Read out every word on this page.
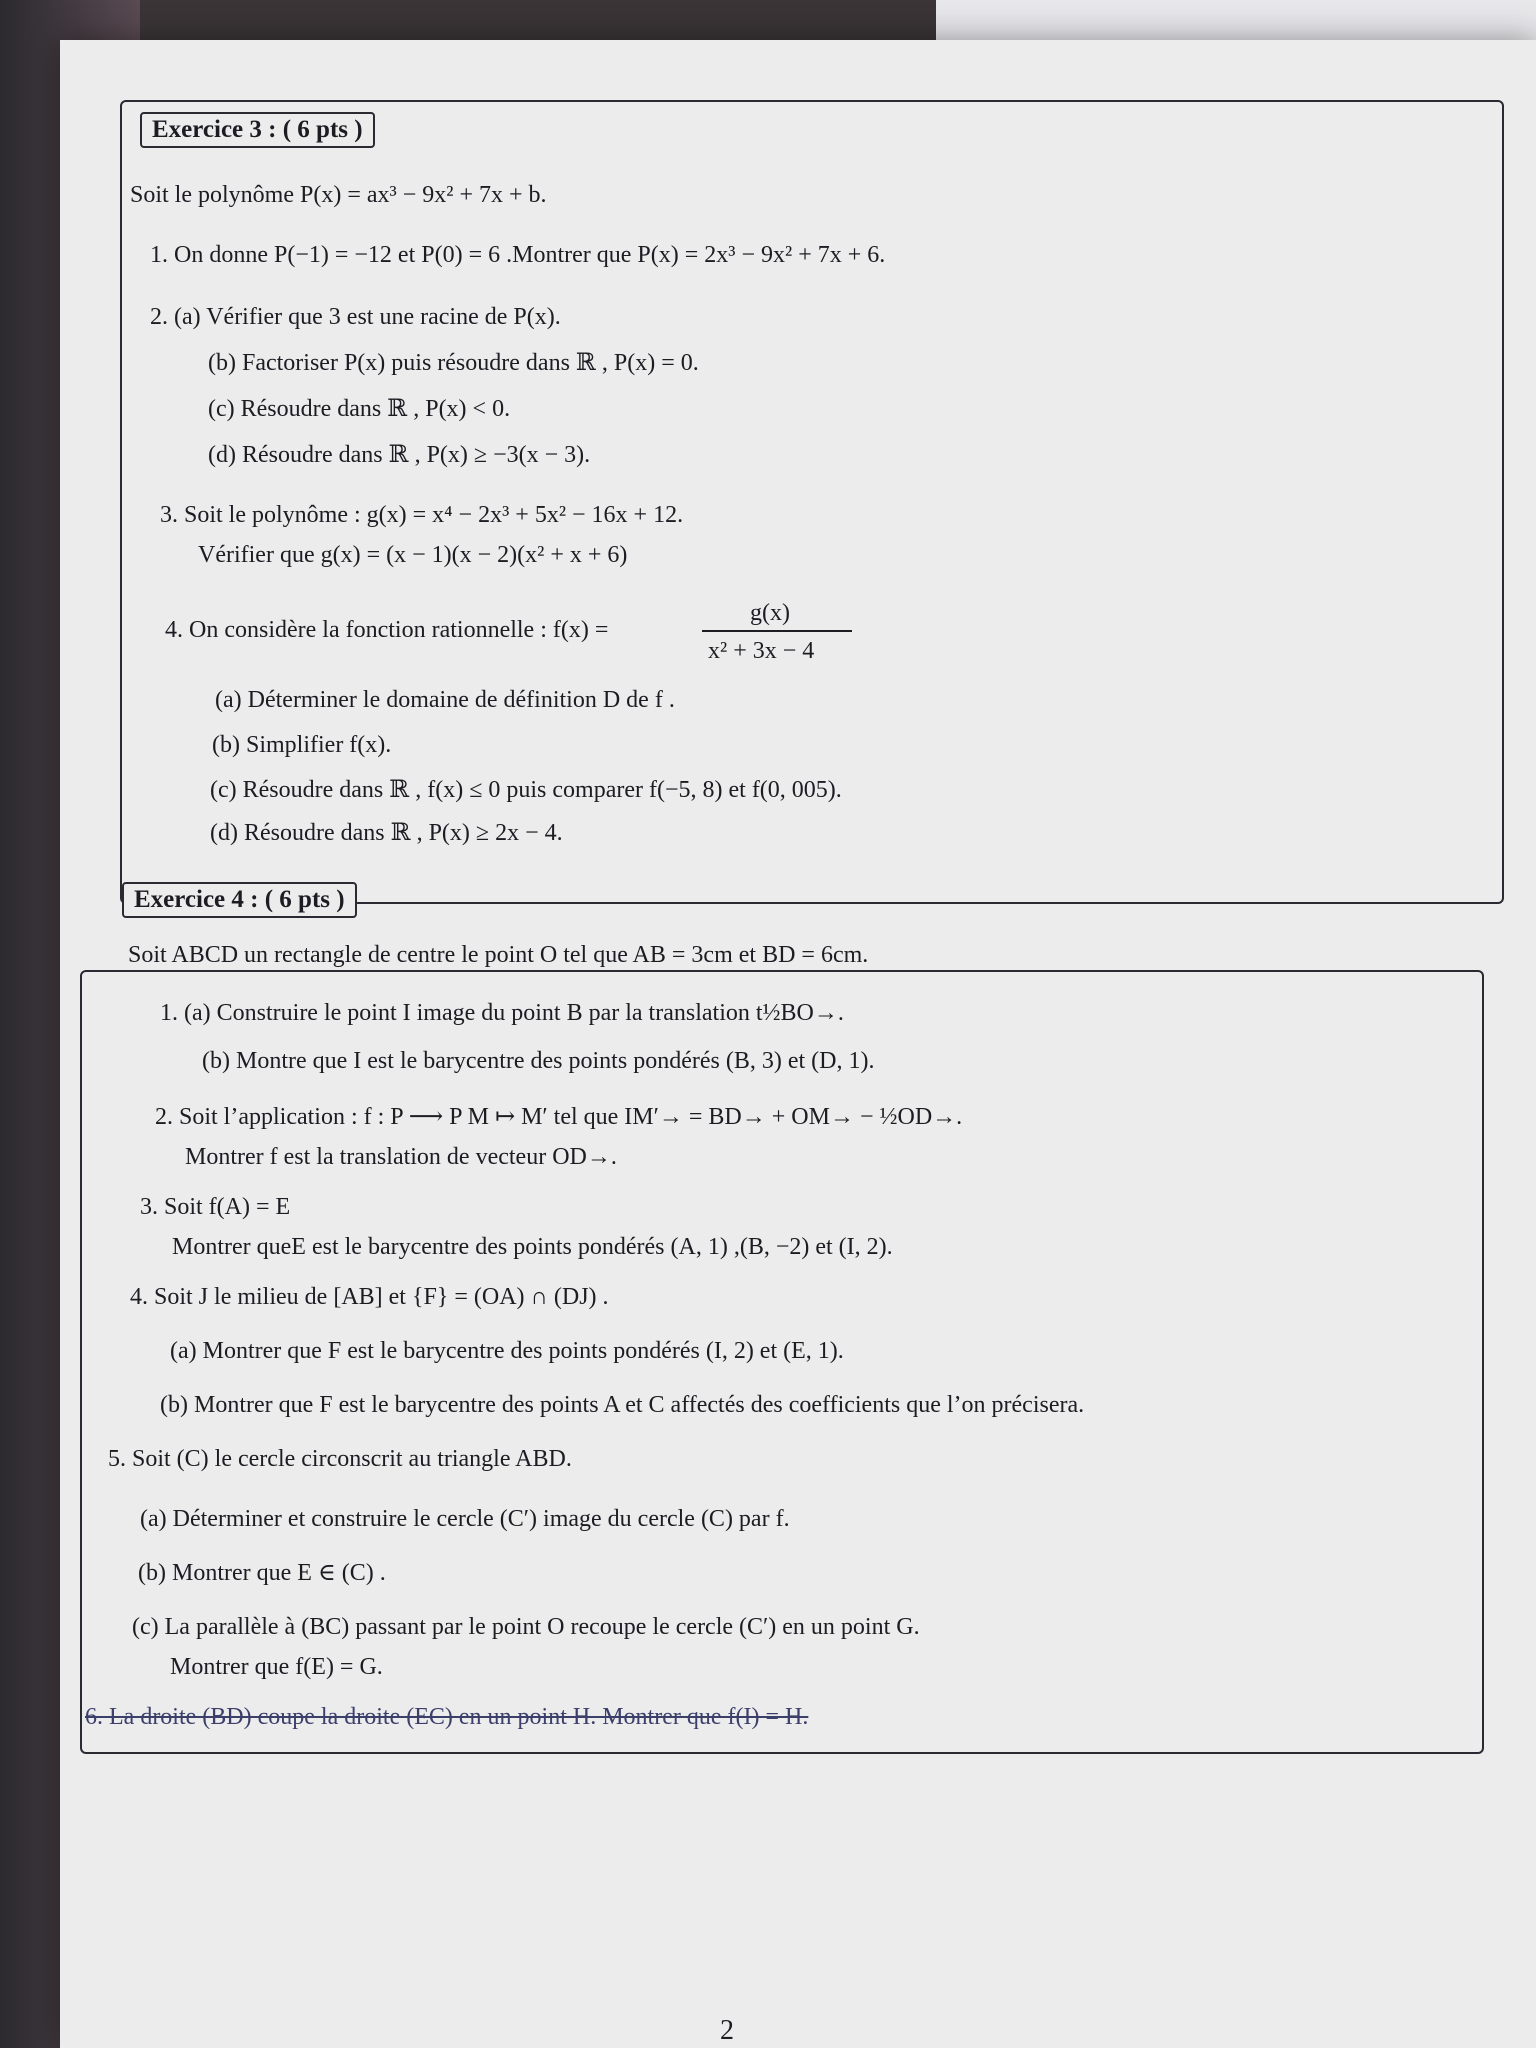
Exercice 3 : ( 6 pts )
Soit le polynôme P(x) = ax³ − 9x² + 7x + b.
1. On donne P(−1) = −12 et P(0) = 6 .Montrer que P(x) = 2x³ − 9x² + 7x + 6.
2. (a) Vérifier que 3 est une racine de P(x).
(b) Factoriser P(x) puis résoudre dans ℝ , P(x) = 0.
(c) Résoudre dans ℝ , P(x) < 0.
(d) Résoudre dans ℝ , P(x) ≥ −3(x − 3).
3. Soit le polynôme : g(x) = x⁴ − 2x³ + 5x² − 16x + 12.
Vérifier que g(x) = (x − 1)(x − 2)(x² + x + 6)
4. On considère la fonction rationnelle : f(x) =
g(x)
x² + 3x − 4
(a) Déterminer le domaine de définition D de f .
(b) Simplifier f(x).
(c) Résoudre dans ℝ , f(x) ≤ 0 puis comparer f(−5, 8) et f(0, 005).
(d) Résoudre dans ℝ , P(x) ≥ 2x − 4.
Exercice 4 : ( 6 pts )
Soit ABCD un rectangle de centre le point O tel que AB = 3cm et BD = 6cm.
1. (a) Construire le point I image du point B par la translation t½BO→.
(b) Montre que I est le barycentre des points pondérés (B, 3) et (D, 1).
2. Soit l’application : f : P ⟶ P M ↦ M′ tel que IM′→ = BD→ + OM→ − ½OD→.
Montrer f est la translation de vecteur OD→.
3. Soit f(A) = E
Montrer queE est le barycentre des points pondérés (A, 1) ,(B, −2) et (I, 2).
4. Soit J le milieu de [AB] et {F} = (OA) ∩ (DJ) .
(a) Montrer que F est le barycentre des points pondérés (I, 2) et (E, 1).
(b) Montrer que F est le barycentre des points A et C affectés des coefficients que l’on précisera.
5. Soit (C) le cercle circonscrit au triangle ABD.
(a) Déterminer et construire le cercle (C′) image du cercle (C) par f.
(b) Montrer que E ∈ (C) .
(c) La parallèle à (BC) passant par le point O recoupe le cercle (C′) en un point G.
Montrer que f(E) = G.
6. La droite (BD) coupe la droite (EC) en un point H. Montrer que f(I) = H.
2
